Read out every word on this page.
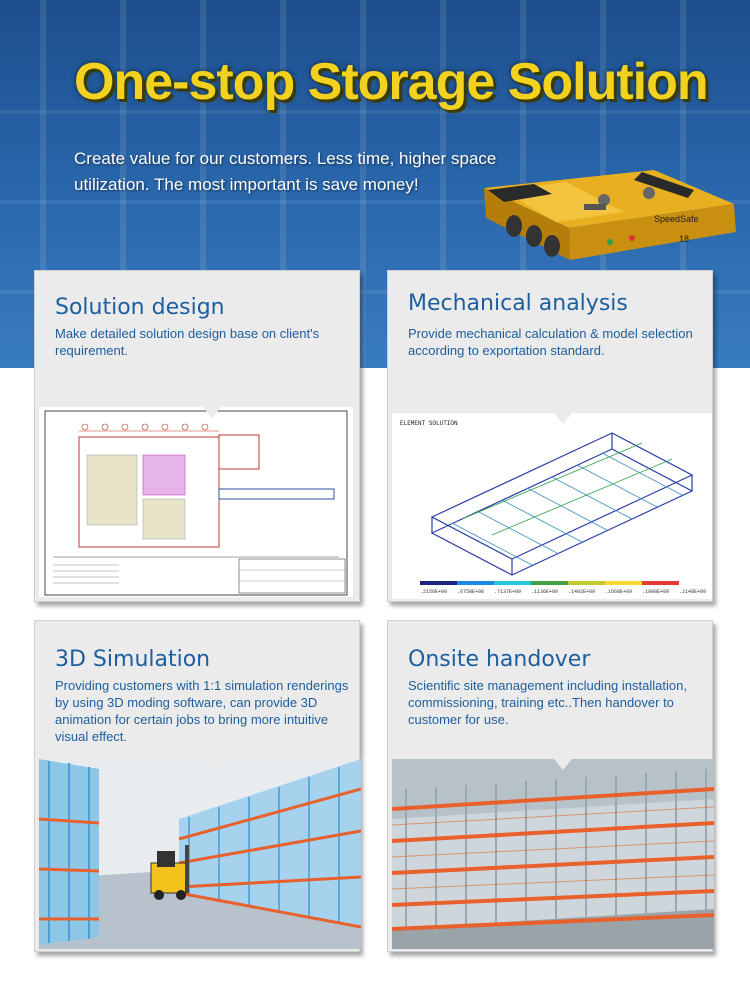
One-stop Storage Solution
Create value for our customers. Less time, higher space utilization. The most important is save money!
SpeedSafe
18
Solution design
Make detailed solution design base on client's requirement.
Mechanical analysis
Provide mechanical calculation & model selection according to exportation standard.
ELEMENT SOLUTION
.2156E+09 .6758E+08 .7137E+09 .1136E+09 .1492E+09 .1668E+09 .1908E+09 .2148E+09
3D Simulation
Providing customers with 1:1 simulation renderings by using 3D moding software, can provide 3D animation for certain jobs to bring more intuitive visual effect.
Onsite handover
Scientific site management including installation, commissioning, training etc..Then handover to customer for use.
